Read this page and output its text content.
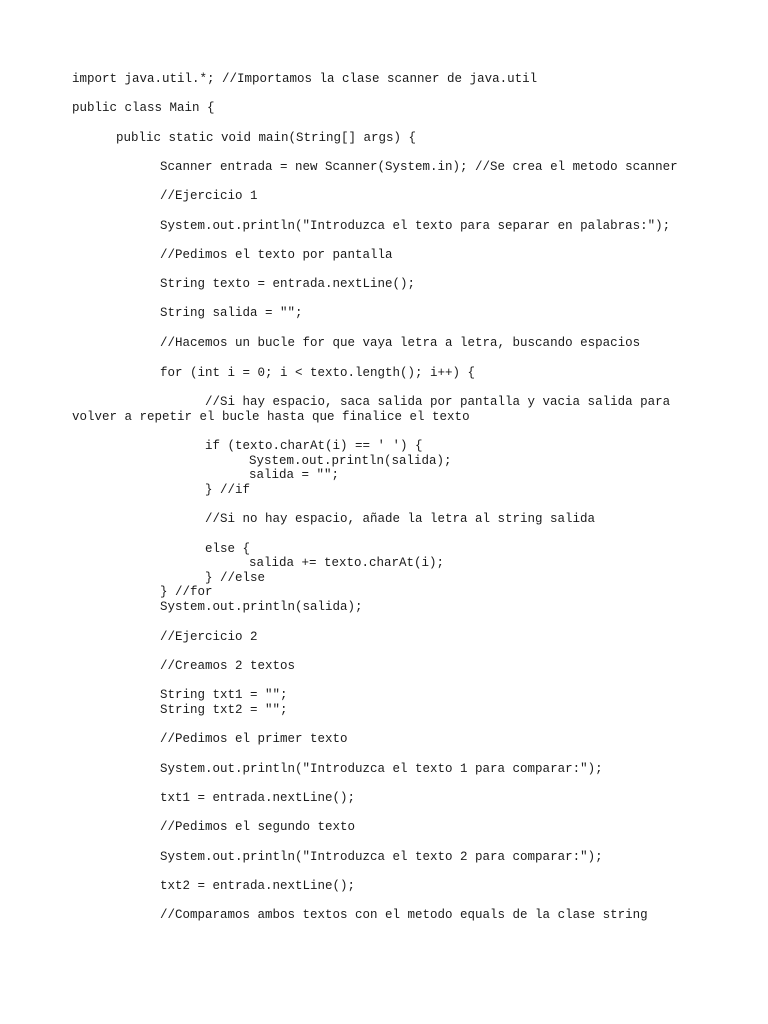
import java.util.*; //Importamos la clase scanner de java.util
public class Main {
public static void main(String[] args) {
Scanner entrada = new Scanner(System.in); //Se crea el metodo scanner
//Ejercicio 1
System.out.println("Introduzca el texto para separar en palabras:");
//Pedimos el texto por pantalla
String texto = entrada.nextLine();
String salida = "";
//Hacemos un bucle for que vaya letra a letra, buscando espacios
for (int i = 0; i < texto.length(); i++) {
//Si hay espacio, saca salida por pantalla y vacia salida para
volver a repetir el bucle hasta que finalice el texto
if (texto.charAt(i) == ' ') {
System.out.println(salida);
salida = "";
} //if
//Si no hay espacio, añade la letra al string salida
else {
salida += texto.charAt(i);
} //else
} //for
System.out.println(salida);
//Ejercicio 2
//Creamos 2 textos
String txt1 = "";
String txt2 = "";
//Pedimos el primer texto
System.out.println("Introduzca el texto 1 para comparar:");
txt1 = entrada.nextLine();
//Pedimos el segundo texto
System.out.println("Introduzca el texto 2 para comparar:");
txt2 = entrada.nextLine();
//Comparamos ambos textos con el metodo equals de la clase string
